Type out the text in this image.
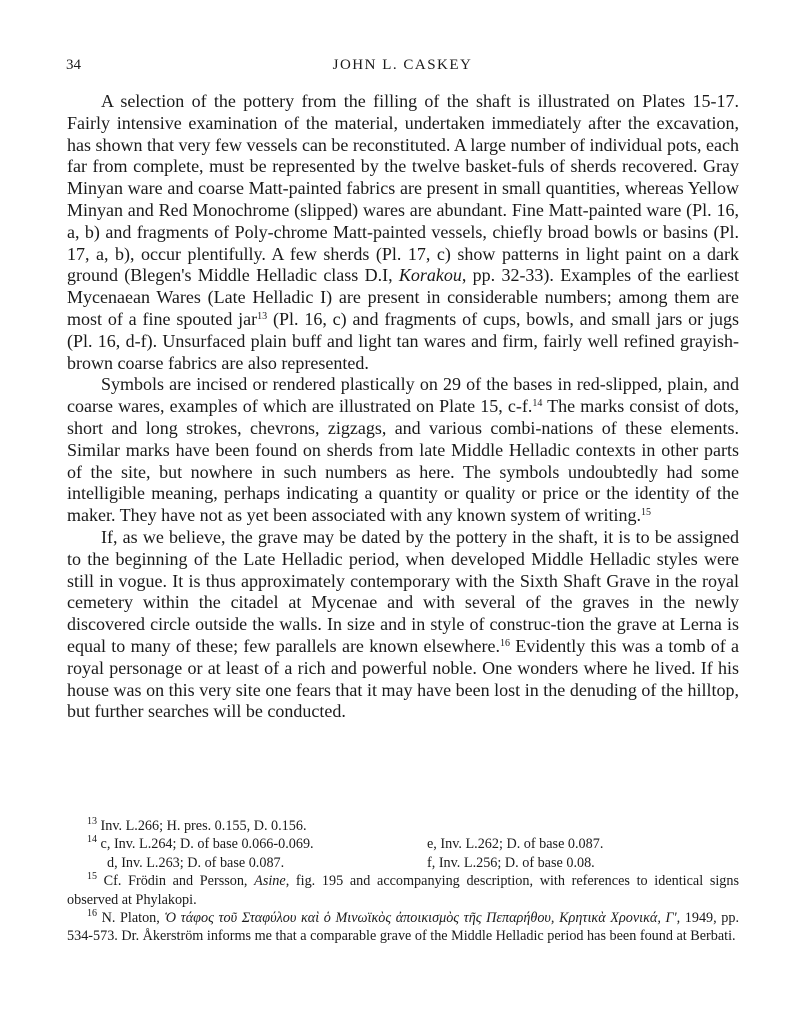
34	JOHN L. CASKEY

A selection of the pottery from the filling of the shaft is illustrated on Plates 15-17. Fairly intensive examination of the material, undertaken immediately after the excavation, has shown that very few vessels can be reconstituted. A large number of individual pots, each far from complete, must be represented by the twelve basket-fuls of sherds recovered. Gray Minyan ware and coarse Matt-painted fabrics are present in small quantities, whereas Yellow Minyan and Red Monochrome (slipped) wares are abundant. Fine Matt-painted ware (Pl. 16, a, b) and fragments of Poly-chrome Matt-painted vessels, chiefly broad bowls or basins (Pl. 17, a, b), occur plentifully. A few sherds (Pl. 17, c) show patterns in light paint on a dark ground (Blegen's Middle Helladic class D.I, Korakou, pp. 32-33). Examples of the earliest Mycenaean Wares (Late Helladic I) are present in considerable numbers; among them are most of a fine spouted jar$^{13}$ (Pl. 16, c) and fragments of cups, bowls, and small jars or jugs (Pl. 16, d-f). Unsurfaced plain buff and light tan wares and firm, fairly well refined grayish-brown coarse fabrics are also represented.

Symbols are incised or rendered plastically on 29 of the bases in red-slipped, plain, and coarse wares, examples of which are illustrated on Plate 15, c-f.$^{14}$ The marks consist of dots, short and long strokes, chevrons, zigzags, and various combi-nations of these elements. Similar marks have been found on sherds from late Middle Helladic contexts in other parts of the site, but nowhere in such numbers as here. The symbols undoubtedly had some intelligible meaning, perhaps indicating a quantity or quality or price or the identity of the maker. They have not as yet been associated with any known system of writing.$^{15}$

If, as we believe, the grave may be dated by the pottery in the shaft, it is to be assigned to the beginning of the Late Helladic period, when developed Middle Helladic styles were still in vogue. It is thus approximately contemporary with the Sixth Shaft Grave in the royal cemetery within the citadel at Mycenae and with several of the graves in the newly discovered circle outside the walls. In size and in style of construc-tion the grave at Lerna is equal to many of these; few parallels are known elsewhere.$^{16}$ Evidently this was a tomb of a royal personage or at least of a rich and powerful noble. One wonders where he lived. If his house was on this very site one fears that it may have been lost in the denuding of the hilltop, but further searches will be conducted.

$^{13}$ Inv. L.266; H. pres. 0.155, D. 0.156.

$^{14}$ c, Inv. L.264; D. of base 0.066-0.069.	e, Inv. L.262; D. of base 0.087.
d, Inv. L.263; D. of base 0.087.	f, Inv. L.256; D. of base 0.08.

$^{15}$ Cf. Frödin and Persson, Asine, fig. 195 and accompanying description, with references to identical signs observed at Phylakopi.

$^{16}$ N. Platon, Ὁ τάφος τοῦ Σταφύλου καὶ ὁ Μινωϊκὸς ἀποικισμὸς τῆς Πεπαρήθου, Κρητικὰ Χρονικά, Γʹ, 1949, pp. 534-573. Dr. Åkerström informs me that a comparable grave of the Middle Helladic period has been found at Berbati.
